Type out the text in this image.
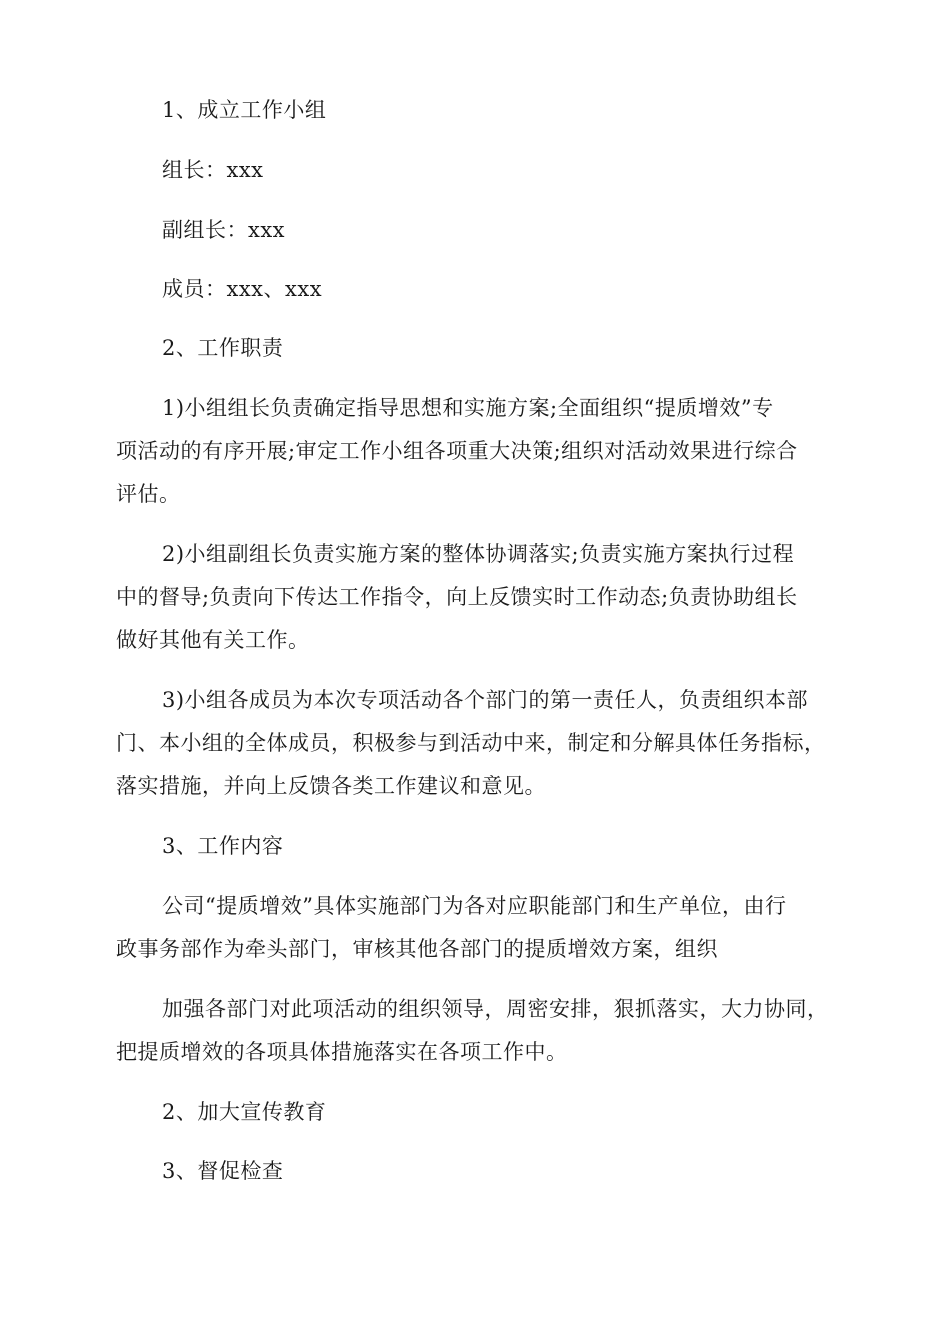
1、成立工作小组

组长：xxx

副组长：xxx

成员：xxx、xxx

2、工作职责

1)小组组长负责确定指导思想和实施方案;全面组织“提质增效”专

项活动的有序开展;审定工作小组各项重大决策;组织对活动效果进行综合

评估。

2)小组副组长负责实施方案的整体协调落实;负责实施方案执行过程

中的督导;负责向下传达工作指令，向上反馈实时工作动态;负责协助组长

做好其他有关工作。

3)小组各成员为本次专项活动各个部门的第一责任人，负责组织本部

门、本小组的全体成员，积极参与到活动中来，制定和分解具体任务指标，

落实措施，并向上反馈各类工作建议和意见。

3、工作内容

公司“提质增效”具体实施部门为各对应职能部门和生产单位，由行

政事务部作为牵头部门，审核其他各部门的提质增效方案，组织

加强各部门对此项活动的组织领导，周密安排，狠抓落实，大力协同，

把提质增效的各项具体措施落实在各项工作中。

2、加大宣传教育

3、督促检查
